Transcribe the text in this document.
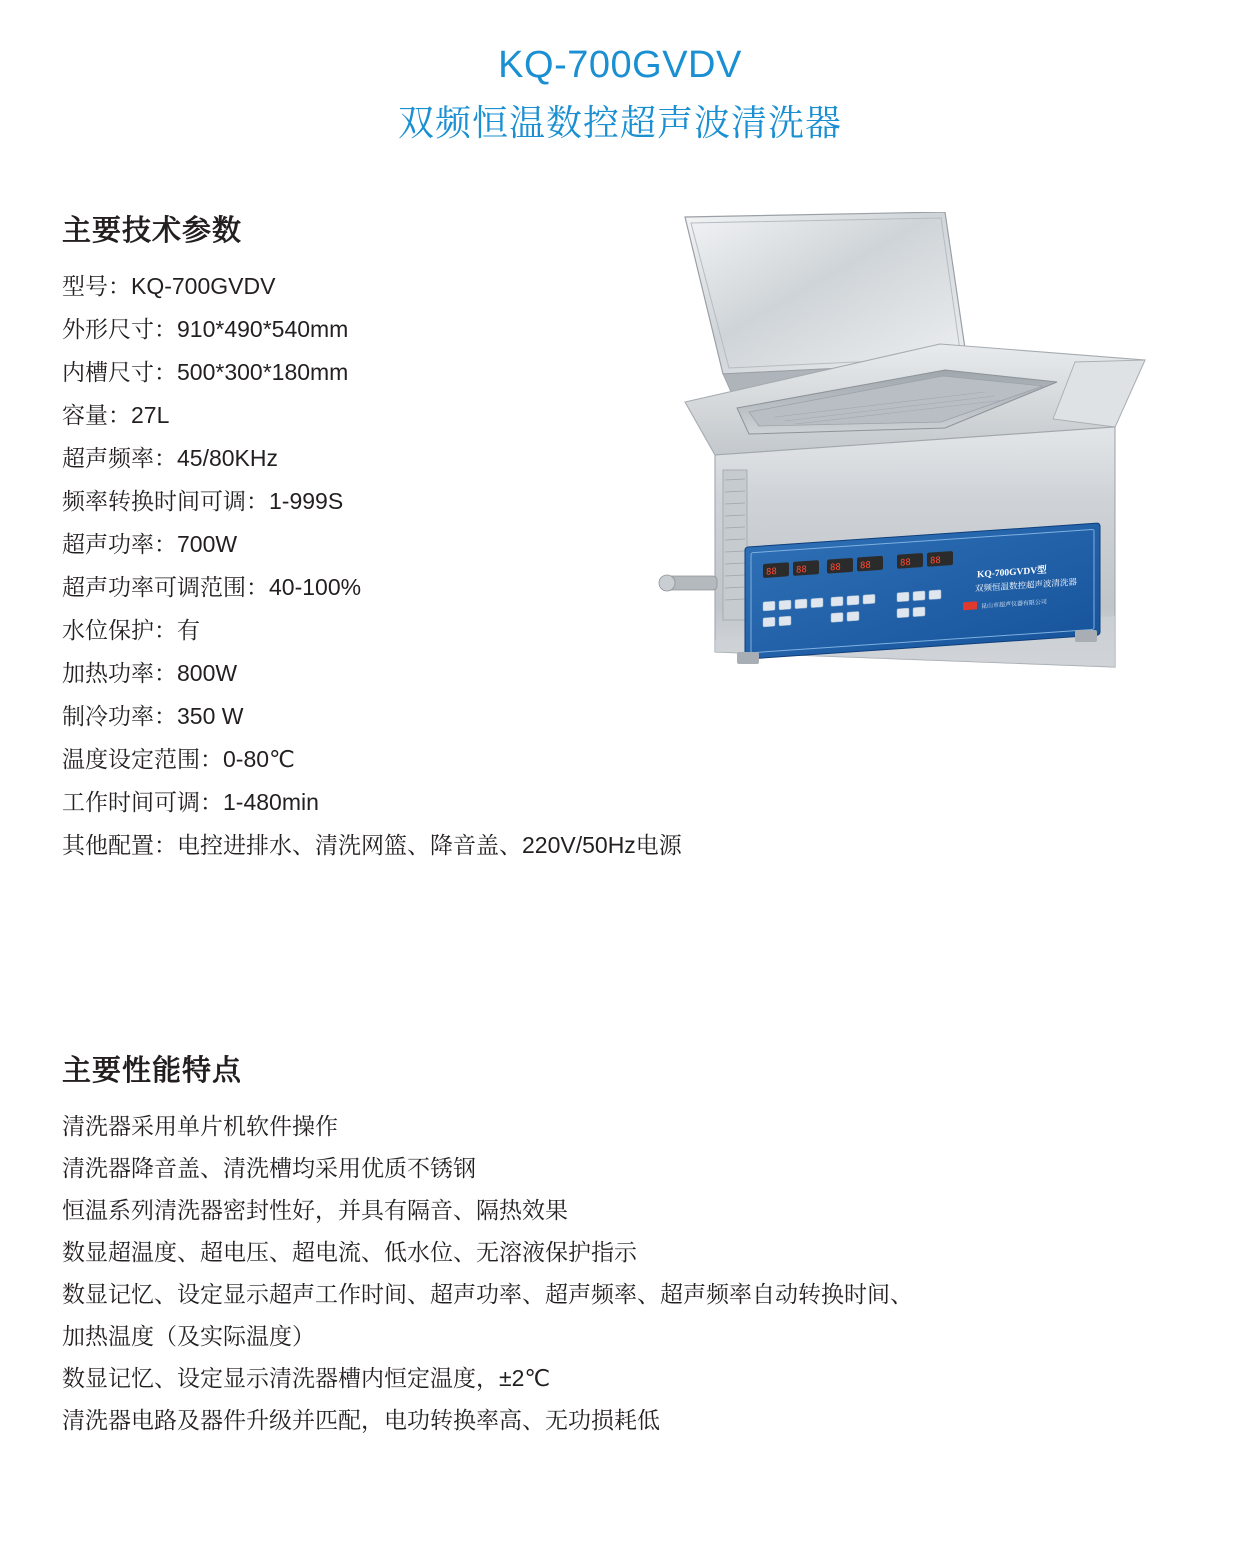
KQ-700GVDV
双频恒温数控超声波清洗器
主要技术参数
型号：KQ-700GVDV
外形尺寸：910*490*540mm
内槽尺寸：500*300*180mm
容量：27L
超声频率：45/80KHz
频率转换时间可调：1-999S
超声功率：700W
超声功率可调范围：40-100%
水位保护：有
加热功率：800W
制冷功率：350 W
温度设定范围：0-80℃
工作时间可调：1-480min
其他配置：电控进排水、清洗网篮、降音盖、220V/50Hz电源
88 88	88 88	88 88
KQ-700GVDV型
双频恒温数控超声波清洗器
昆山市超声仪器有限公司
主要性能特点
清洗器采用单片机软件操作
清洗器降音盖、清洗槽均采用优质不锈钢
恒温系列清洗器密封性好，并具有隔音、隔热效果
数显超温度、超电压、超电流、低水位、无溶液保护指示
数显记忆、设定显示超声工作时间、超声功率、超声频率、超声频率自动转换时间、
加热温度（及实际温度）
数显记忆、设定显示清洗器槽内恒定温度，±2℃
清洗器电路及器件升级并匹配，电功转换率高、无功损耗低
